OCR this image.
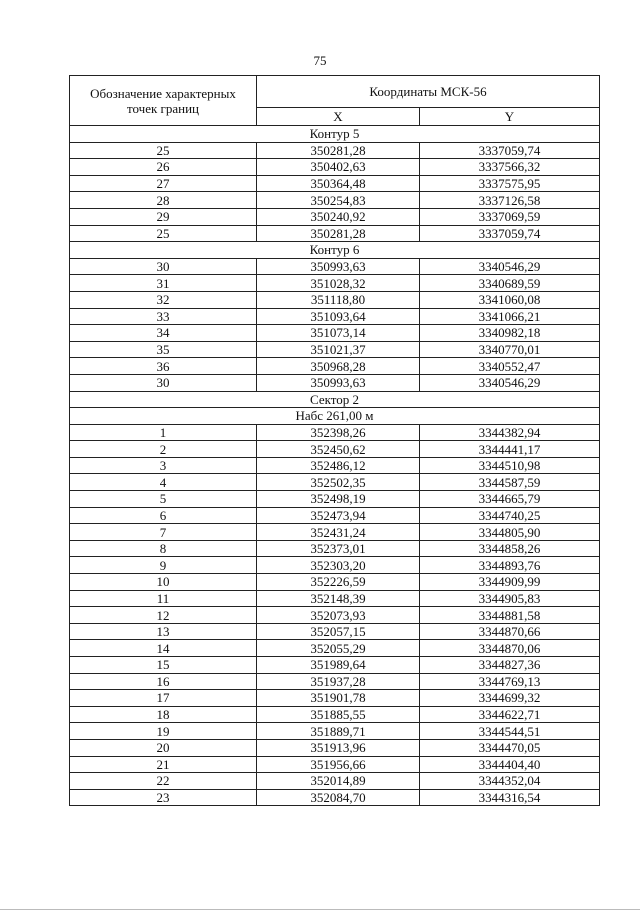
75
Обозначение характерных точек границ	Координаты МСК-56	
	X	Y
Контур 5		
25	350281,28	3337059,74
26	350402,63	3337566,32
27	350364,48	3337575,95
28	350254,83	3337126,58
29	350240,92	3337069,59
25	350281,28	3337059,74
Контур 6		
30	350993,63	3340546,29
31	351028,32	3340689,59
32	351118,80	3341060,08
33	351093,64	3341066,21
34	351073,14	3340982,18
35	351021,37	3340770,01
36	350968,28	3340552,47
30	350993,63	3340546,29
Сектор 2		
Набс 261,00 м		
1	352398,26	3344382,94
2	352450,62	3344441,17
3	352486,12	3344510,98
4	352502,35	3344587,59
5	352498,19	3344665,79
6	352473,94	3344740,25
7	352431,24	3344805,90
8	352373,01	3344858,26
9	352303,20	3344893,76
10	352226,59	3344909,99
11	352148,39	3344905,83
12	352073,93	3344881,58
13	352057,15	3344870,66
14	352055,29	3344870,06
15	351989,64	3344827,36
16	351937,28	3344769,13
17	351901,78	3344699,32
18	351885,55	3344622,71
19	351889,71	3344544,51
20	351913,96	3344470,05
21	351956,66	3344404,40
22	352014,89	3344352,04
23	352084,70	3344316,54
